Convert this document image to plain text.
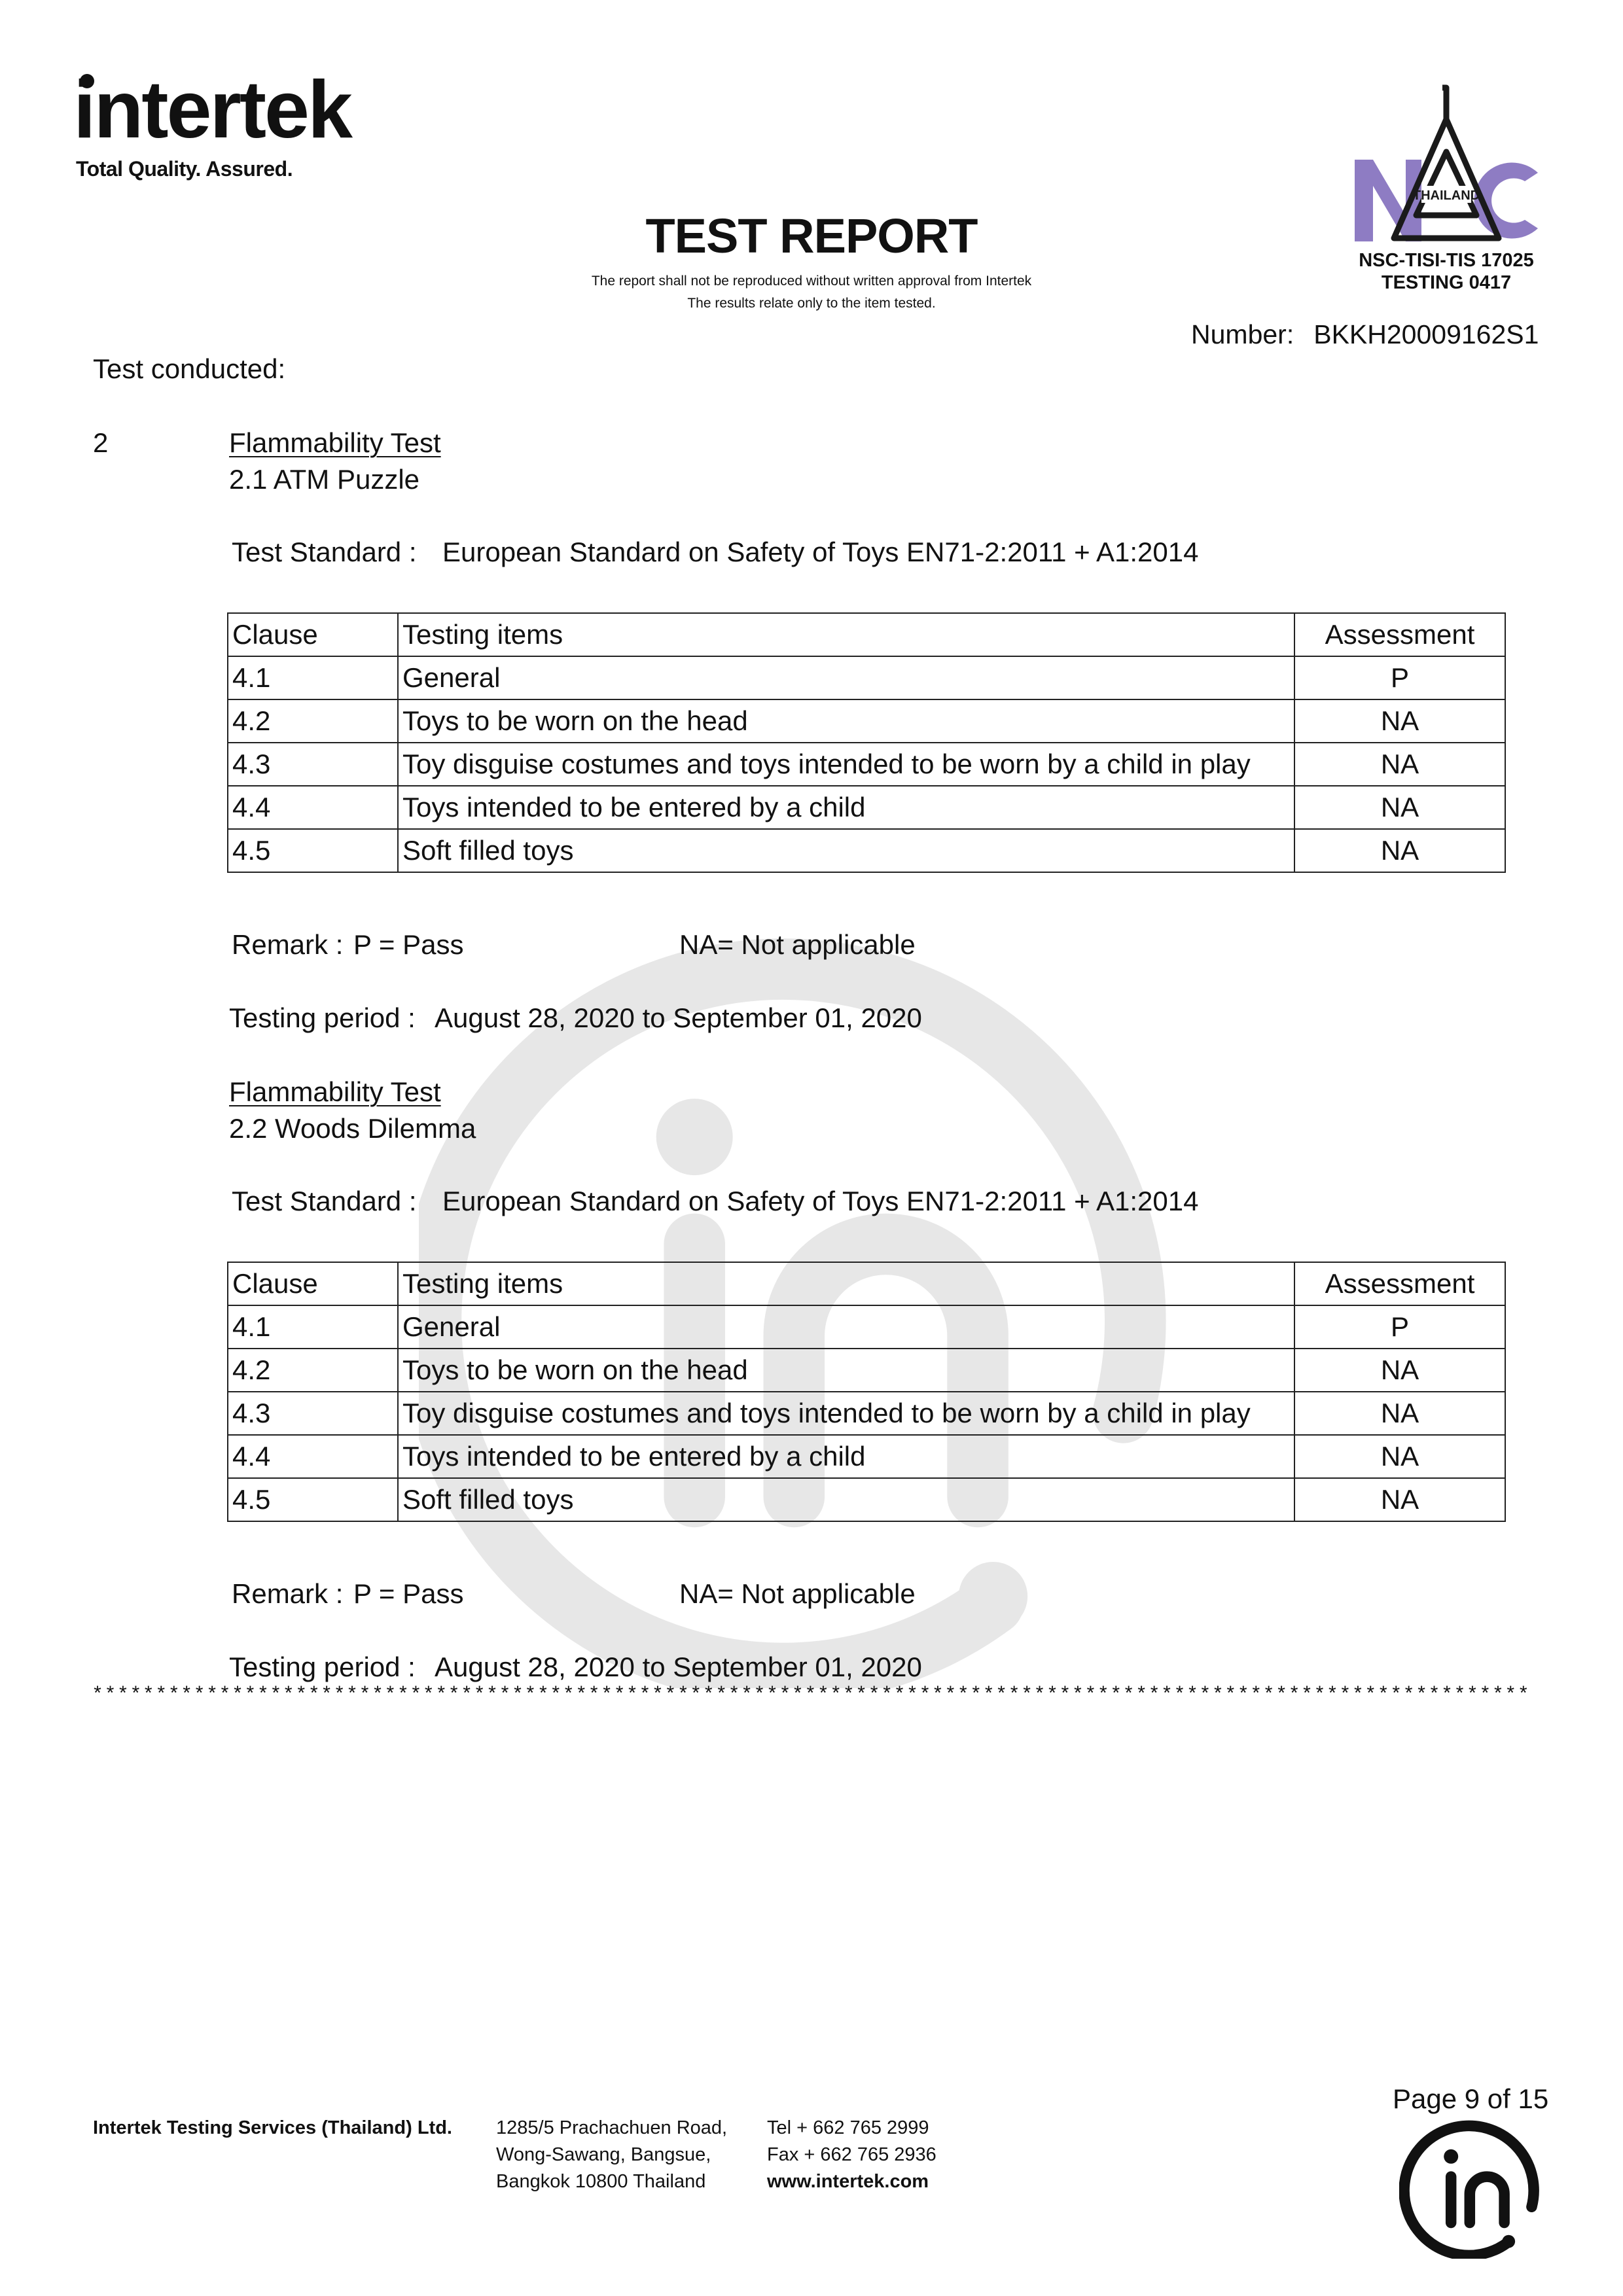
intertek
Total Quality. Assured.
TEST REPORT
The report shall not be reproduced without written approval from Intertek
The results relate only to the item tested.
THAILAND
NSC-TISI-TIS 17025
TESTING 0417
Number: BKKH20009162S1
Test conducted:
2	Flammability Test
2.1 ATM Puzzle
Test Standard : European Standard on Safety of Toys EN71-2:2011 + A1:2014
Clause	Testing items	Assessment
4.1	General	P
4.2	Toys to be worn on the head	NA
4.3	Toy disguise costumes and toys intended to be worn by a child in play	NA
4.4	Toys intended to be entered by a child	NA
4.5	Soft filled toys	NA
Remark : P = Pass	NA= Not applicable
Testing period : August 28, 2020 to September 01, 2020
Flammability Test
2.2 Woods Dilemma
Test Standard : European Standard on Safety of Toys EN71-2:2011 + A1:2014
Clause	Testing items	Assessment
4.1	General	P
4.2	Toys to be worn on the head	NA
4.3	Toy disguise costumes and toys intended to be worn by a child in play	NA
4.4	Toys intended to be entered by a child	NA
4.5	Soft filled toys	NA
Remark : P = Pass	NA= Not applicable
Testing period : August 28, 2020 to September 01, 2020
*****************************************************************************************************************
Page 9 of 15
Intertek Testing Services (Thailand) Ltd. 1285/5 Prachachuen Road,
Wong-Sawang, Bangsue,
Bangkok 10800 Thailand
Tel + 662 765 2999
Fax + 662 765 2936
www.intertek.com
